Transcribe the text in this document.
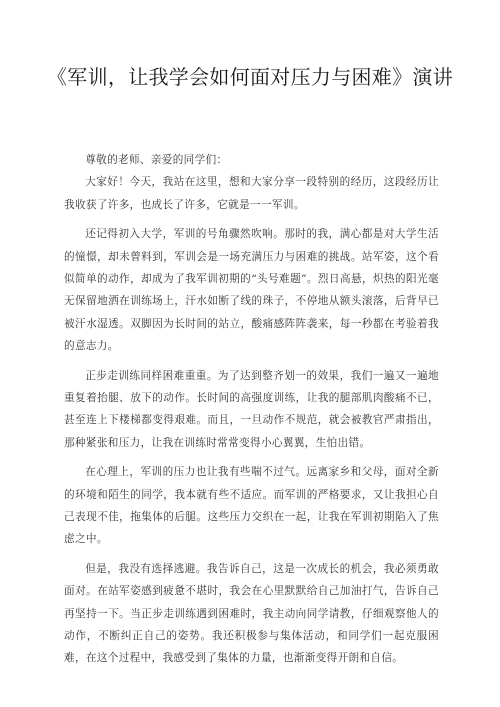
《军训，让我学会如何面对压力与困难》演讲

尊敬的老师、亲爱的同学们：

大家好！今天，我站在这里，想和大家分享一段特别的经历，这段经历让我收获了许多，也成长了许多，它就是一一军训。

还记得初入大学，军训的号角骤然吹响。那时的我，满心都是对大学生活的憧憬，却未曾料到，军训会是一场充满压力与困难的挑战。站军姿，这个看似简单的动作，却成为了我军训初期的“头号难题”。烈日高悬，炽热的阳光毫无保留地洒在训练场上，汗水如断了线的珠子，不停地从额头滚落，后背早已被汗水湿透。双脚因为长时间的站立，酸痛感阵阵袭来，每一秒都在考验着我的意志力。

正步走训练同样困难重重。为了达到整齐划一的效果，我们一遍又一遍地重复着抬腿、放下的动作。长时间的高强度训练，让我的腿部肌肉酸痛不已，甚至连上下楼梯都变得艰难。而且，一旦动作不规范，就会被教官严肃指出，那种紧张和压力，让我在训练时常常变得小心翼翼，生怕出错。

在心理上，军训的压力也让我有些喘不过气。远离家乡和父母，面对全新的环境和陌生的同学，我本就有些不适应。而军训的严格要求，又让我担心自己表现不佳，拖集体的后腿。这些压力交织在一起，让我在军训初期陷入了焦虑之中。

但是，我没有选择逃避。我告诉自己，这是一次成长的机会，我必须勇敢面对。在站军姿感到疲惫不堪时，我会在心里默默给自己加油打气，告诉自己再坚持一下。当正步走训练遇到困难时，我主动向同学请教，仔细观察他人的动作，不断纠正自己的姿势。我还积极参与集体活动，和同学们一起克服困难，在这个过程中，我感受到了集体的力量，也渐渐变得开朗和自信。
